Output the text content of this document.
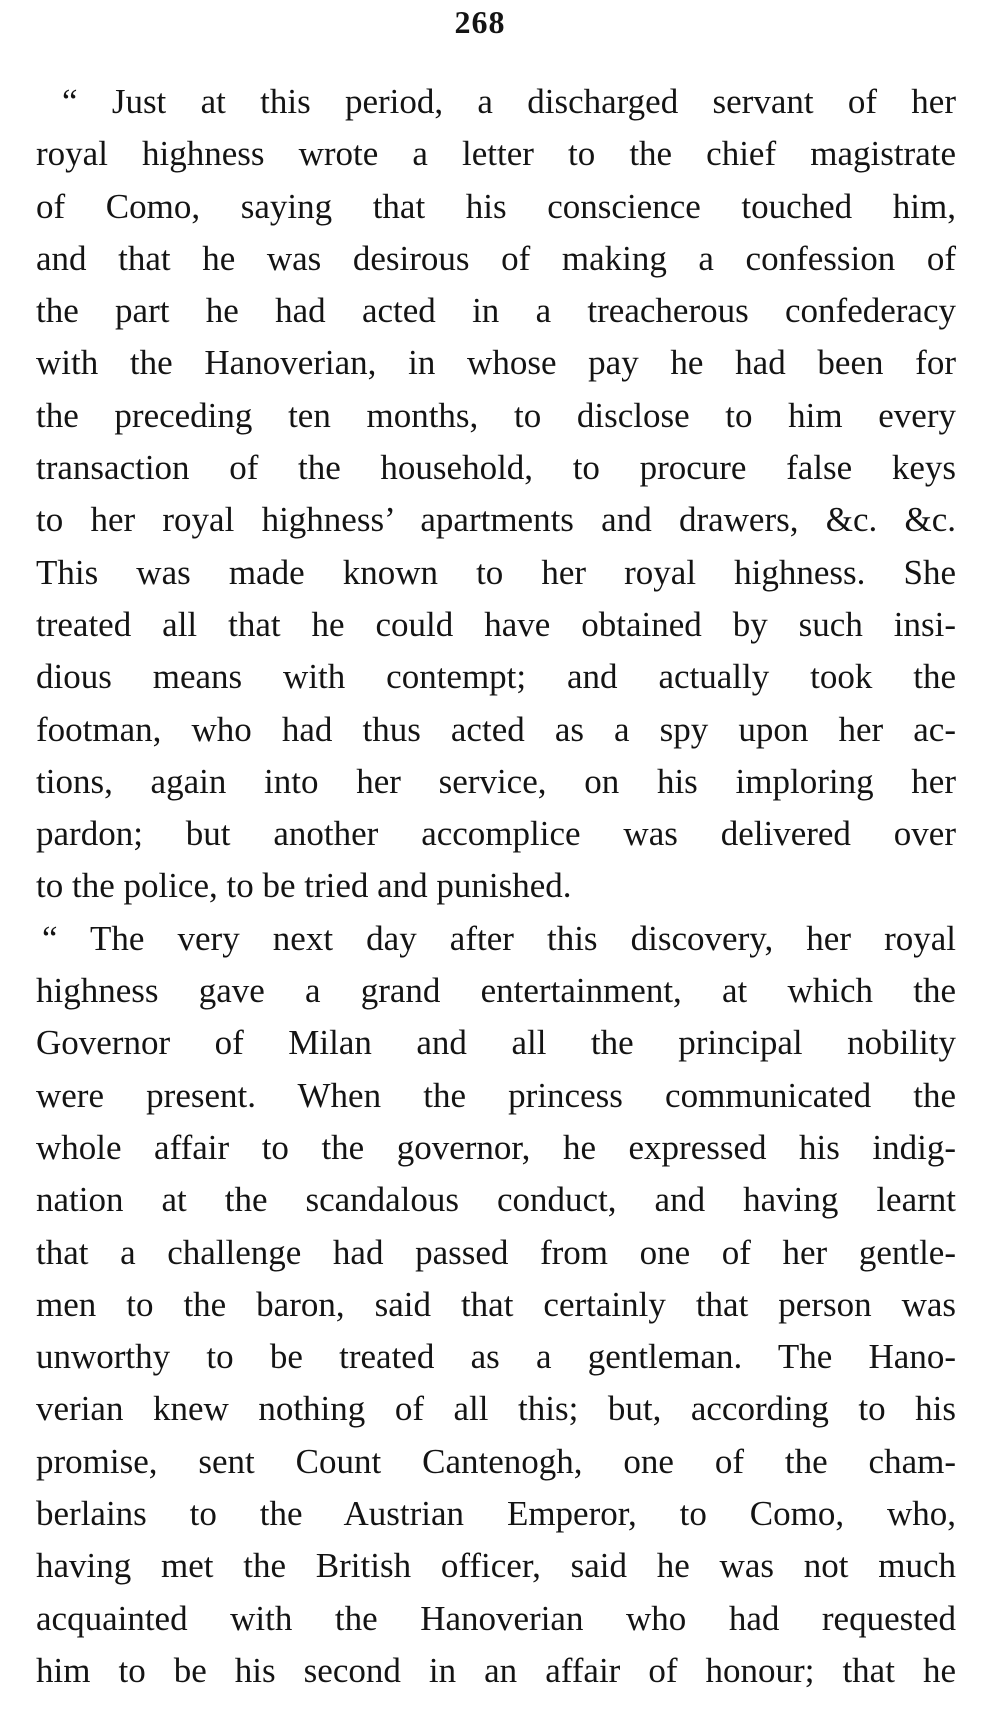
268
“ Just at this period, a discharged servant of her
royal highness wrote a letter to the chief magistrate
of Como, saying that his conscience touched him,
and that he was desirous of making a confession of
the part he had acted in a treacherous confederacy
with the Hanoverian, in whose pay he had been for
the preceding ten months, to disclose to him every
transaction of the household, to procure false keys
to her royal highness’ apartments and drawers, &c. &c.
This was made known to her royal highness. She
treated all that he could have obtained by such insi-
dious means with contempt; and actually took the
footman, who had thus acted as a spy upon her ac-
tions, again into her service, on his imploring her
pardon; but another accomplice was delivered over
to the police, to be tried and punished.
“ The very next day after this discovery, her royal
highness gave a grand entertainment, at which the
Governor of Milan and all the principal nobility
were present. When the princess communicated the
whole affair to the governor, he expressed his indig-
nation at the scandalous conduct, and having learnt
that a challenge had passed from one of her gentle-
men to the baron, said that certainly that person was
unworthy to be treated as a gentleman. The Hano-
verian knew nothing of all this; but, according to his
promise, sent Count Cantenogh, one of the cham-
berlains to the Austrian Emperor, to Como, who,
having met the British officer, said he was not much
acquainted with the Hanoverian who had requested
him to be his second in an affair of honour; that he
